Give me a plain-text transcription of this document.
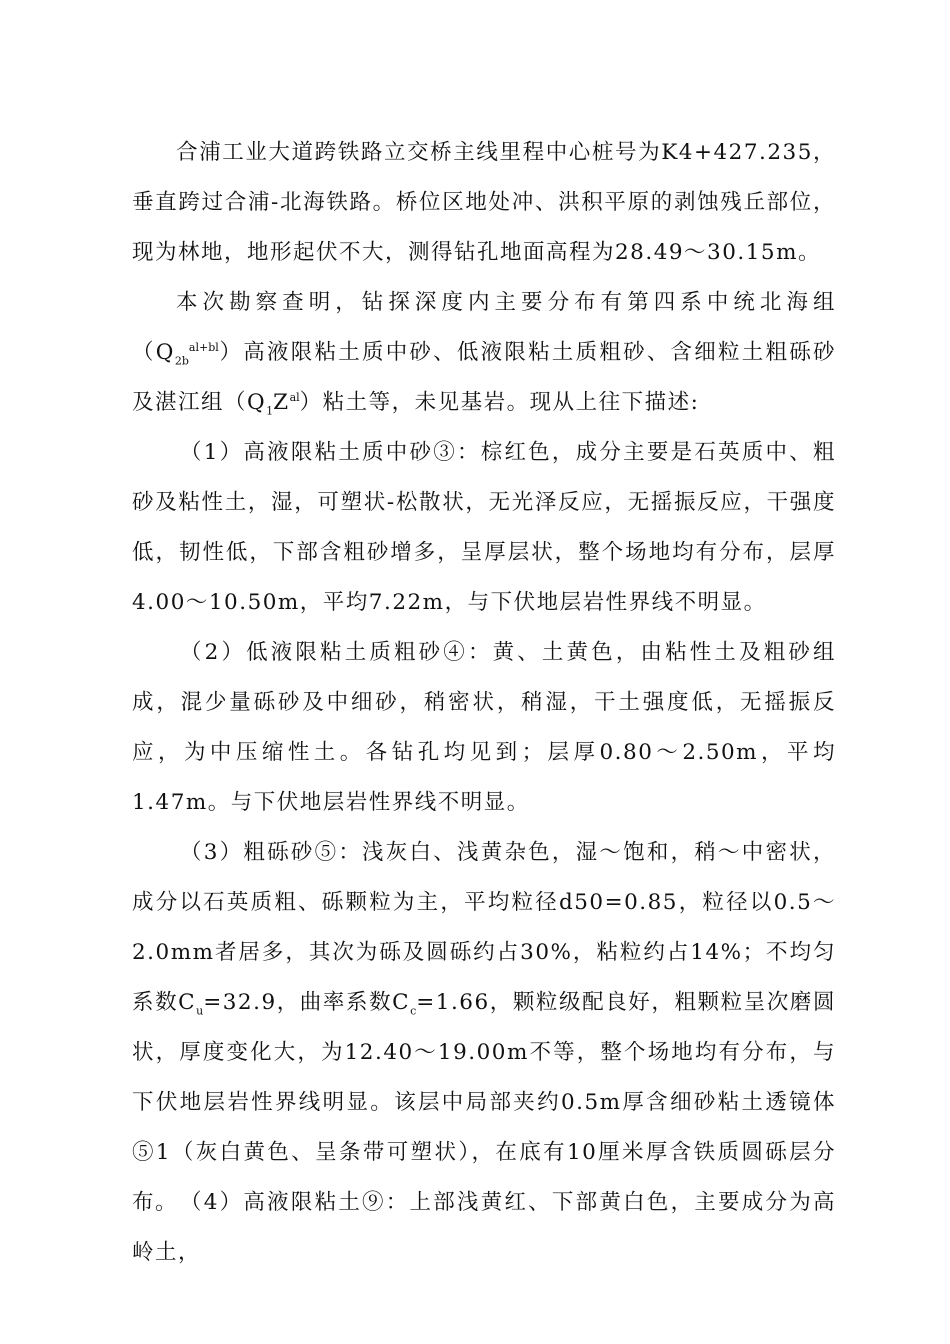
合浦工业大道跨铁路立交桥主线里程中心桩号为K4+427.235，垂直跨过合浦-北海铁路。桥位区地处冲、洪积平原的剥蚀残丘部位，现为林地，地形起伏不大，测得钻孔地面高程为28.49～30.15m。

本次勘察查明，钻探深度内主要分布有第四系中统北海组$(Q_{2b}^{al+bl})$高液限粘土质中砂、低液限粘土质粗砂、含细粒土粗砾砂及湛江组$(Q_1Z^{al})$粘土等，未见基岩。现从上往下描述:

（1）高液限粘土质中砂③：棕红色，成分主要是石英质中、粗砂及粘性土，湿，可塑状-松散状，无光泽反应，无摇振反应，干强度低，韧性低，下部含粗砂增多，呈厚层状，整个场地均有分布，层厚4.00～10.50m，平均7.22m，与下伏地层岩性界线不明显。

（2）低液限粘土质粗砂④：黄、土黄色，由粘性土及粗砂组成，混少量砾砂及中细砂，稍密状，稍湿，干土强度低，无摇振反应，为中压缩性土。各钻孔均见到；层厚0.80～2.50m，平均1.47m。与下伏地层岩性界线不明显。

（3）粗砾砂⑤：浅灰白、浅黄杂色，湿～饱和，稍～中密状，成分以石英质粗、砾颗粒为主，平均粒径d50=0.85，粒径以0.5～2.0mm者居多，其次为砾及圆砾约占30%，粘粒约占14%；不均匀系数$C_u=32.9$，曲率系数$C_c=1.66$，颗粒级配良好，粗颗粒呈次磨圆状，厚度变化大，为12.40～19.00m不等，整个场地均有分布，与下伏地层岩性界线明显。该层中局部夹约0.5m厚含细砂粘土透镜体⑤1（灰白黄色、呈条带可塑状），在底有10厘米厚含铁质圆砾层分布。 （4）高液限粘土⑨：上部浅黄红、下部黄白色，主要成分为高岭土，
